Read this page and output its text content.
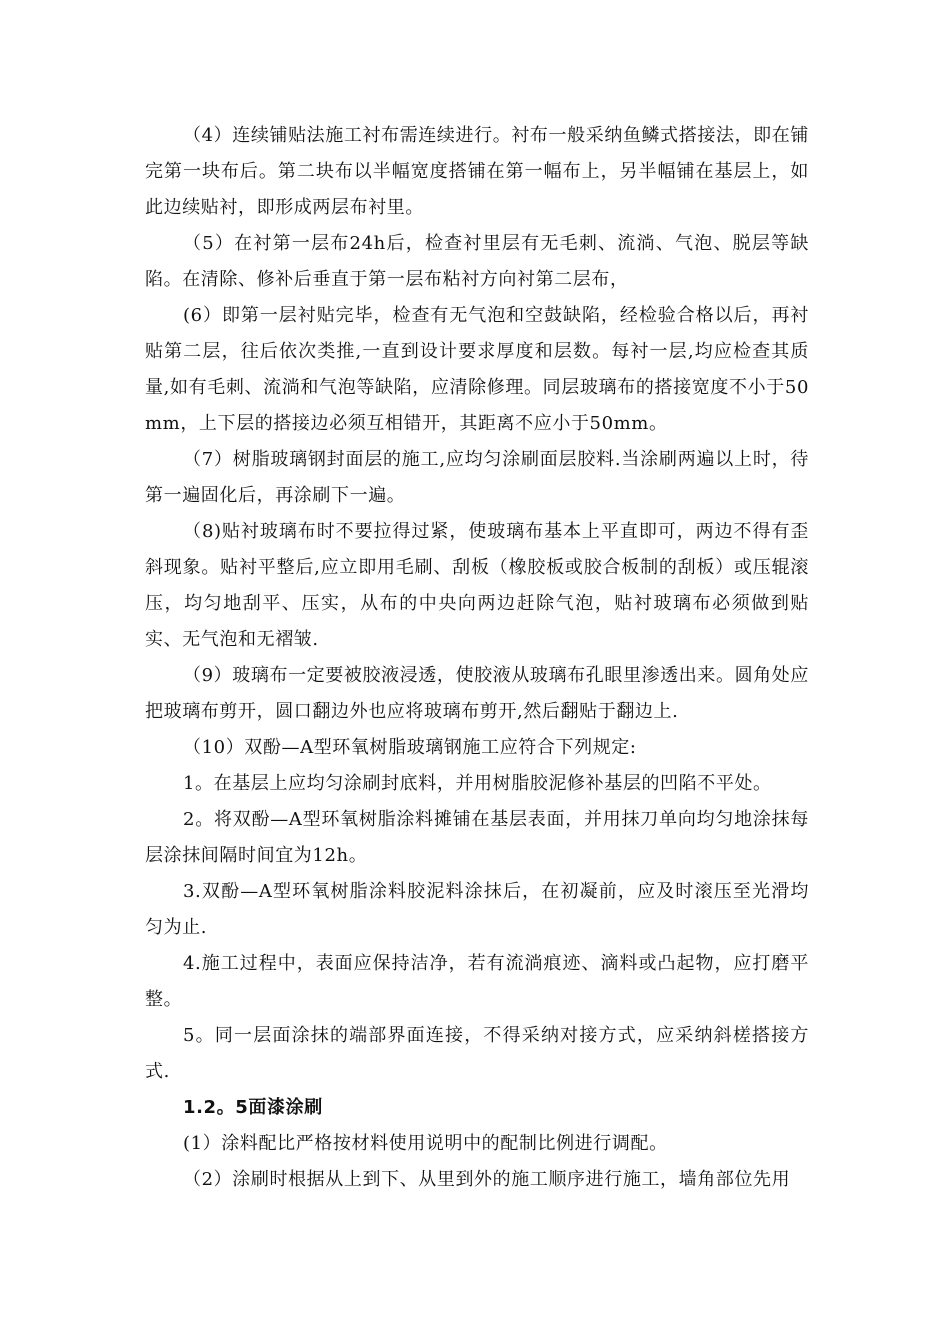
（4）连续铺贴法施工衬布需连续进行。衬布一般采纳鱼鳞式搭接法，即在铺完第一块布后。第二块布以半幅宽度搭铺在第一幅布上，另半幅铺在基层上，如此边续贴衬，即形成两层布衬里。

（5）在衬第一层布24h后，检查衬里层有无毛刺、流淌、气泡、脱层等缺陷。在清除、修补后垂直于第一层布粘衬方向衬第二层布，

(6）即第一层衬贴完毕，检查有无气泡和空鼓缺陷，经检验合格以后，再衬贴第二层，往后依次类推,一直到设计要求厚度和层数。每衬一层,均应检查其质量,如有毛刺、流淌和气泡等缺陷，应清除修理。同层玻璃布的搭接宽度不小于50mm，上下层的搭接边必须互相错开，其距离不应小于50mm。

（7）树脂玻璃钢封面层的施工,应均匀涂刷面层胶料.当涂刷两遍以上时，待第一遍固化后，再涂刷下一遍。

（8)贴衬玻璃布时不要拉得过紧，使玻璃布基本上平直即可，两边不得有歪斜现象。贴衬平整后,应立即用毛刷、刮板（橡胶板或胶合板制的刮板）或压辊滚压，均匀地刮平、压实，从布的中央向两边赶除气泡，贴衬玻璃布必须做到贴实、无气泡和无褶皱.

（9）玻璃布一定要被胶液浸透，使胶液从玻璃布孔眼里渗透出来。圆角处应把玻璃布剪开，圆口翻边外也应将玻璃布剪开,然后翻贴于翻边上.

（10）双酚—A型环氧树脂玻璃钢施工应符合下列规定:

1。在基层上应均匀涂刷封底料，并用树脂胶泥修补基层的凹陷不平处。

2。将双酚—A型环氧树脂涂料摊铺在基层表面，并用抹刀单向均匀地涂抹每层涂抹间隔时间宜为12h。

3.双酚—A型环氧树脂涂料胶泥料涂抹后，在初凝前，应及时滚压至光滑均匀为止.

4.施工过程中，表面应保持洁净，若有流淌痕迹、滴料或凸起物，应打磨平整。

5。同一层面涂抹的端部界面连接，不得采纳对接方式，应采纳斜槎搭接方式.

1.2。5面漆涂刷

(1）涂料配比严格按材料使用说明中的配制比例进行调配。

（2）涂刷时根据从上到下、从里到外的施工顺序进行施工，墙角部位先用
